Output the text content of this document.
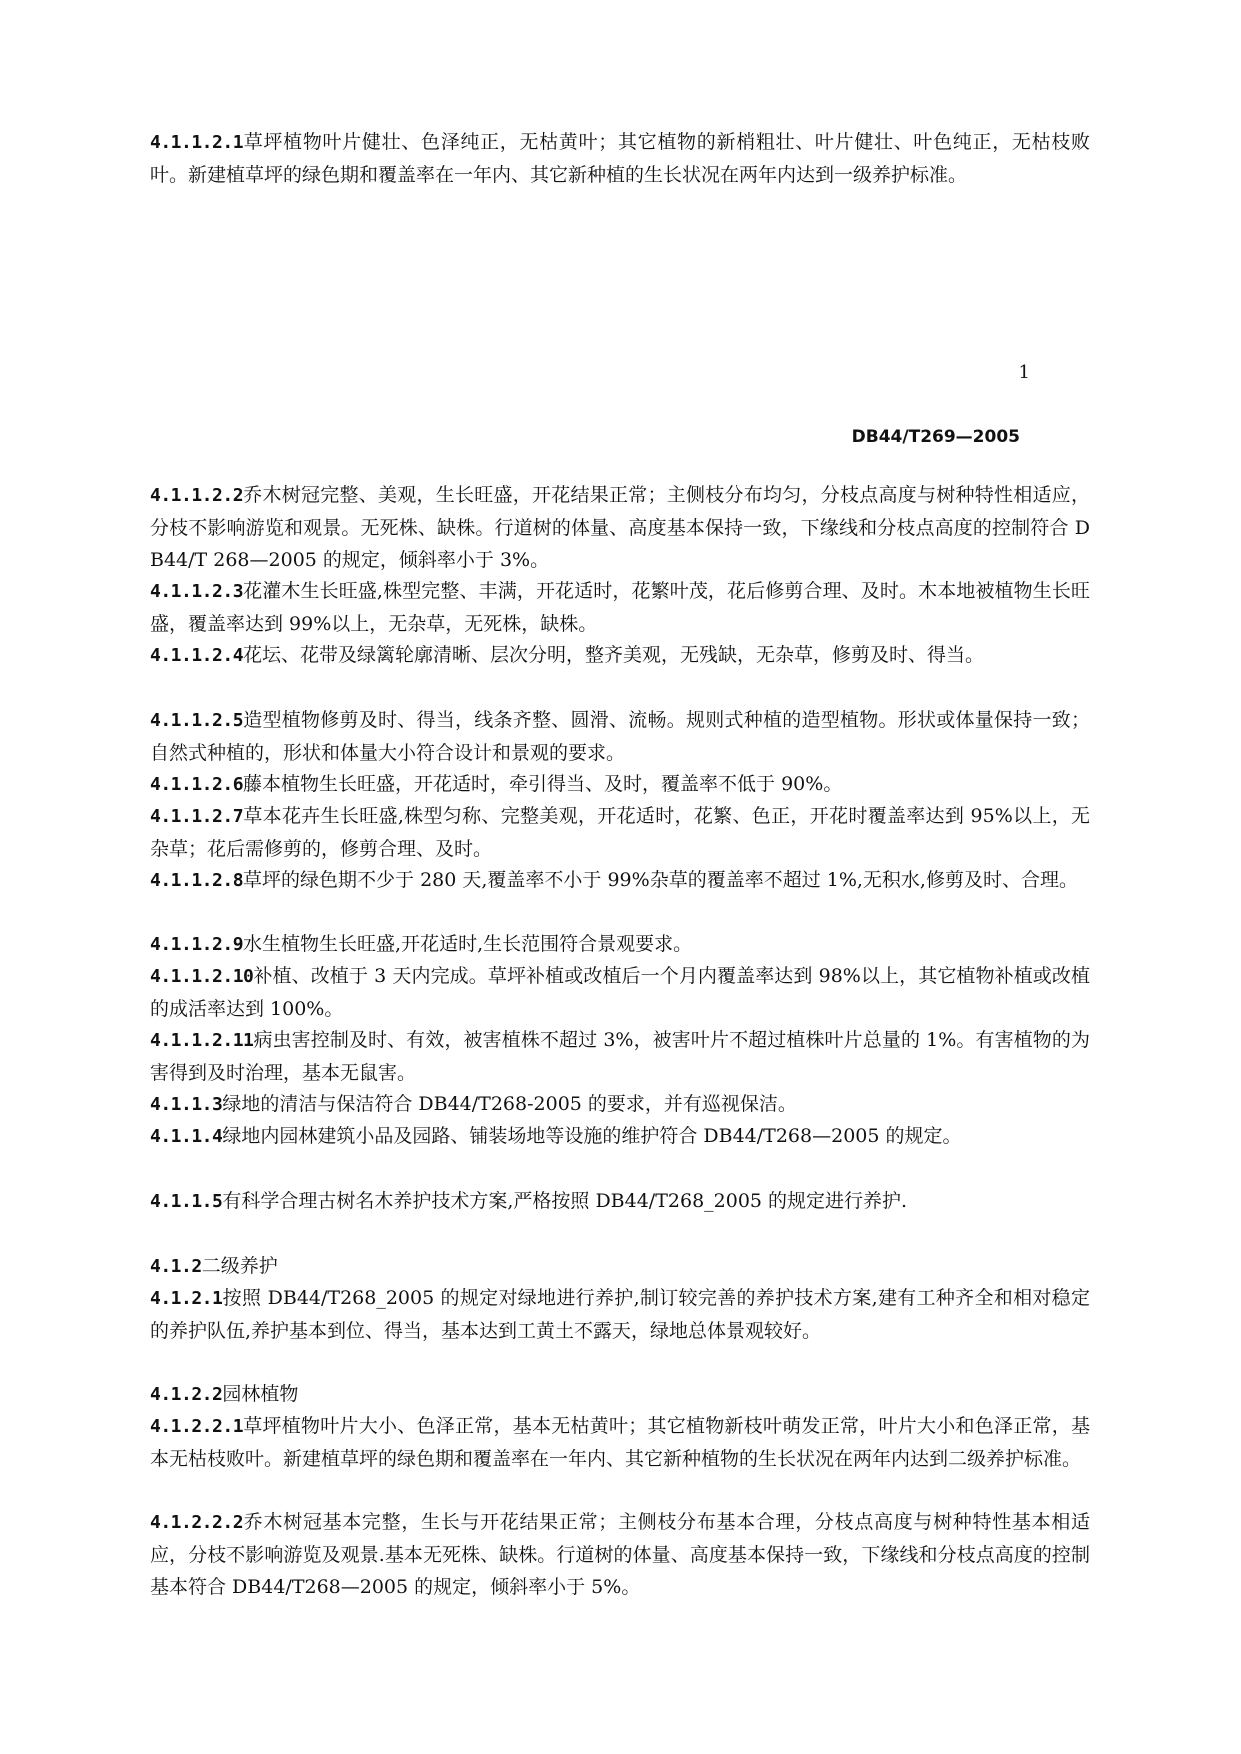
4.1.1.2.1草坪植物叶片健壮、色泽纯正，无枯黄叶；其它植物的新梢粗壮、叶片健壮、叶色纯正，无枯枝败叶。新建植草坪的绿色期和覆盖率在一年内、其它新种植的生长状况在两年内达到一级养护标准。

1
DB44/T269—2005

4.1.1.2.2乔木树冠完整、美观，生长旺盛，开花结果正常；主侧枝分布均匀，分枝点高度与树种特性相适应，分枝不影响游览和观景。无死株、缺株。行道树的体量、高度基本保持一致，下缘线和分枝点高度的控制符合 DB44/T 268—2005 的规定，倾斜率小于 3%。

4.1.1.2.3花灌木生长旺盛,株型完整、丰满，开花适时，花繁叶茂，花后修剪合理、及时。木本地被植物生长旺盛，覆盖率达到 99%以上，无杂草，无死株，缺株。

4.1.1.2.4花坛、花带及绿篱轮廓清晰、层次分明，整齐美观，无残缺，无杂草，修剪及时、得当。

4.1.1.2.5造型植物修剪及时、得当，线条齐整、圆滑、流畅。规则式种植的造型植物。形状或体量保持一致；自然式种植的，形状和体量大小符合设计和景观的要求。

4.1.1.2.6藤本植物生长旺盛，开花适时，牵引得当、及时，覆盖率不低于 90%。

4.1.1.2.7草本花卉生长旺盛,株型匀称、完整美观，开花适时，花繁、色正，开花时覆盖率达到 95%以上，无杂草；花后需修剪的，修剪合理、及时。

4.1.1.2.8草坪的绿色期不少于 280 天,覆盖率不小于 99%杂草的覆盖率不超过 1%,无积水,修剪及时、合理。

4.1.1.2.9水生植物生长旺盛,开花适时,生长范围符合景观要求。

4.1.1.2.10补植、改植于 3 天内完成。草坪补植或改植后一个月内覆盖率达到 98%以上，其它植物补植或改植的成活率达到 100%。

4.1.1.2.11病虫害控制及时、有效，被害植株不超过 3%，被害叶片不超过植株叶片总量的 1%。有害植物的为害得到及时治理，基本无鼠害。

4.1.1.3绿地的清洁与保洁符合 DB44/T268-2005 的要求，并有巡视保洁。

4.1.1.4绿地内园林建筑小品及园路、铺装场地等设施的维护符合 DB44/T268—2005 的规定。

4.1.1.5有科学合理古树名木养护技术方案,严格按照 DB44/T268_2005 的规定进行养护.

4.1.2二级养护

4.1.2.1按照 DB44/T268_2005 的规定对绿地进行养护,制订较完善的养护技术方案,建有工种齐全和相对稳定的养护队伍,养护基本到位、得当，基本达到工黄土不露天，绿地总体景观较好。

4.1.2.2园林植物

4.1.2.2.1草坪植物叶片大小、色泽正常，基本无枯黄叶；其它植物新枝叶萌发正常，叶片大小和色泽正常，基本无枯枝败叶。新建植草坪的绿色期和覆盖率在一年内、其它新种植物的生长状况在两年内达到二级养护标准。

4.1.2.2.2乔木树冠基本完整，生长与开花结果正常；主侧枝分布基本合理，分枝点高度与树种特性基本相适应，分枝不影响游览及观景.基本无死株、缺株。行道树的体量、高度基本保持一致，下缘线和分枝点高度的控制基本符合 DB44/T268—2005 的规定，倾斜率小于 5%。
